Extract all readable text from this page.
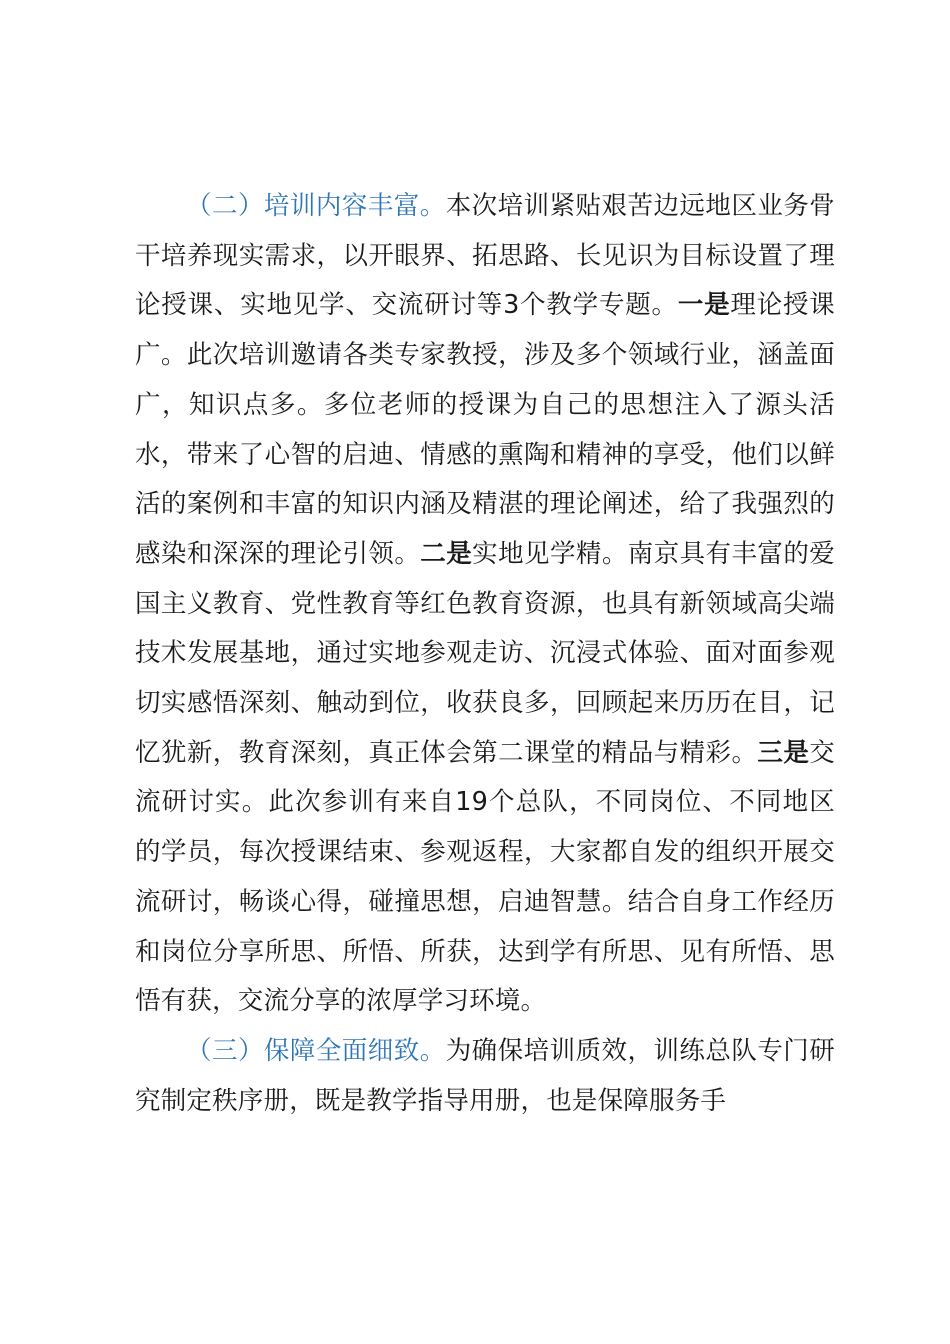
（二）培训内容丰富。本次培训紧贴艰苦边远地区业务骨干培养现实需求，以开眼界、拓思路、长见识为目标设置了理论授课、实地见学、交流研讨等3个教学专题。一是理论授课广。此次培训邀请各类专家教授，涉及多个领域行业，涵盖面广，知识点多。多位老师的授课为自己的思想注入了源头活水，带来了心智的启迪、情感的熏陶和精神的享受，他们以鲜活的案例和丰富的知识内涵及精湛的理论阐述，给了我强烈的感染和深深的理论引领。二是实地见学精。南京具有丰富的爱国主义教育、党性教育等红色教育资源，也具有新领域高尖端技术发展基地，通过实地参观走访、沉浸式体验、面对面参观切实感悟深刻、触动到位，收获良多，回顾起来历历在目，记忆犹新，教育深刻，真正体会第二课堂的精品与精彩。三是交流研讨实。此次参训有来自19个总队，不同岗位、不同地区的学员，每次授课结束、参观返程，大家都自发的组织开展交流研讨，畅谈心得，碰撞思想，启迪智慧。结合自身工作经历和岗位分享所思、所悟、所获，达到学有所思、见有所悟、思悟有获，交流分享的浓厚学习环境。

（三）保障全面细致。为确保培训质效，训练总队专门研究制定秩序册，既是教学指导用册，也是保障服务手
